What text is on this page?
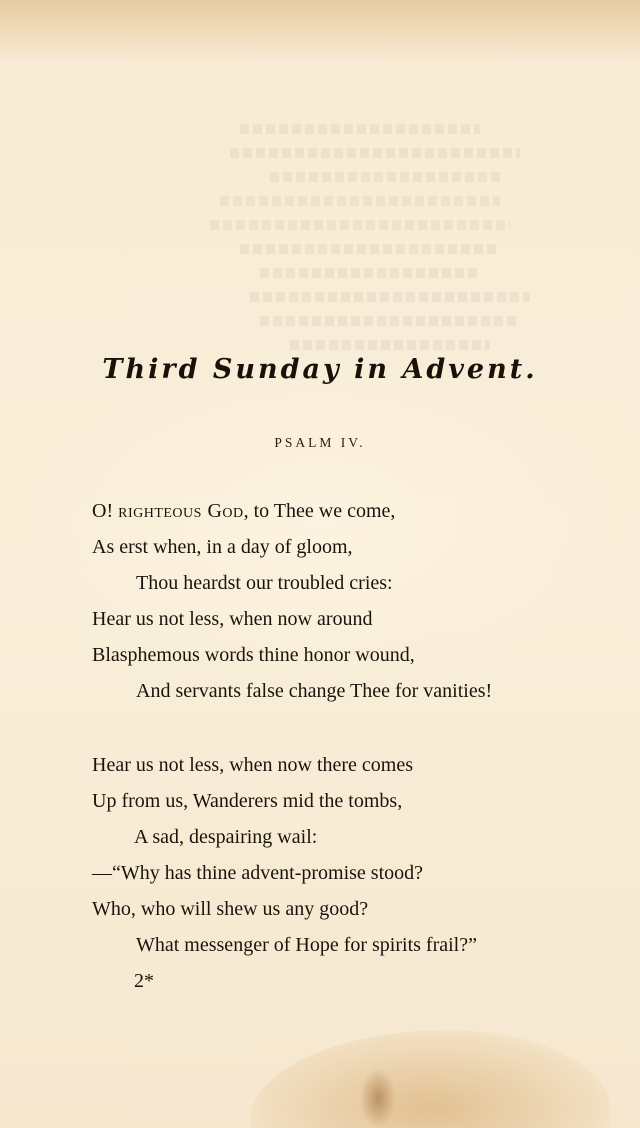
Third Sunday in Advent.
PSALM IV.
O! righteous God, to Thee we come,
As erst when, in a day of gloom,
Thou heardst our troubled cries:
Hear us not less, when now around
Blasphemous words thine honor wound,
And servants false change Thee for vanities!
Hear us not less, when now there comes
Up from us, Wanderers mid the tombs,
A sad, despairing wail:
—“Why has thine advent-promise stood?
Who, who will shew us any good?
What messenger of Hope for spirits frail?”
2*
